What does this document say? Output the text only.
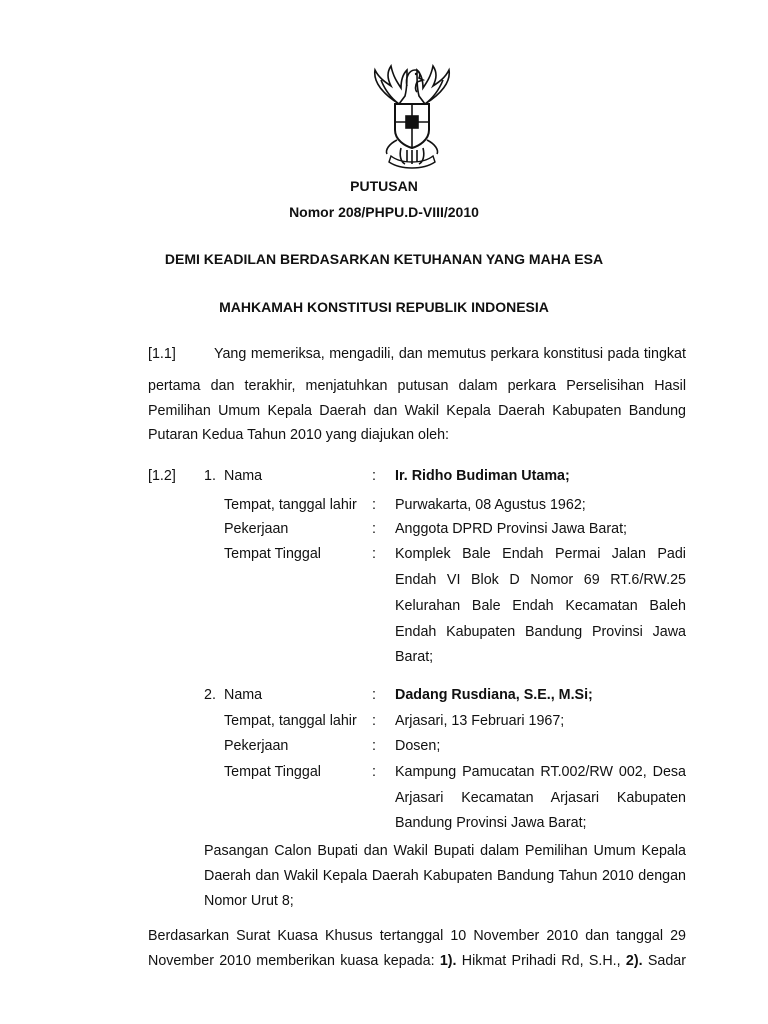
PUTUSAN
Nomor 208/PHPU.D-VIII/2010
DEMI KEADILAN BERDASARKAN KETUHANAN YANG MAHA ESA
MAHKAMAH KONSTITUSI REPUBLIK INDONESIA
[1.1]	Yang memeriksa, mengadili, dan memutus perkara konstitusi pada tingkat
pertama dan terakhir, menjatuhkan putusan dalam perkara Perselisihan Hasil
Pemilihan Umum Kepala Daerah dan Wakil Kepala Daerah Kabupaten Bandung
Putaran Kedua Tahun 2010 yang diajukan oleh:
[1.2] 1. Nama	: Ir. Ridho Budiman Utama;
Tempat, tanggal lahir : Purwakarta, 08 Agustus 1962;
Pekerjaan	: Anggota DPRD Provinsi Jawa Barat;
Tempat Tinggal	: Komplek Bale Endah Permai Jalan Padi
Endah VI Blok D Nomor 69 RT.6/RW.25
Kelurahan Bale Endah Kecamatan Baleh
Endah Kabupaten Bandung Provinsi Jawa
Barat;
2. Nama	: Dadang Rusdiana, S.E., M.Si;
Tempat, tanggal lahir : Arjasari, 13 Februari 1967;
Pekerjaan	: Dosen;
Tempat Tinggal	: Kampung Pamucatan RT.002/RW 002, Desa
Arjasari Kecamatan Arjasari Kabupaten
Bandung Provinsi Jawa Barat;
Pasangan Calon Bupati dan Wakil Bupati dalam Pemilihan Umum Kepala
Daerah dan Wakil Kepala Daerah Kabupaten Bandung Tahun 2010 dengan
Nomor Urut 8;
Berdasarkan Surat Kuasa Khusus tertanggal 10 November 2010 dan tanggal 29
November 2010 memberikan kuasa kepada: 1). Hikmat Prihadi Rd, S.H., 2). Sadar
